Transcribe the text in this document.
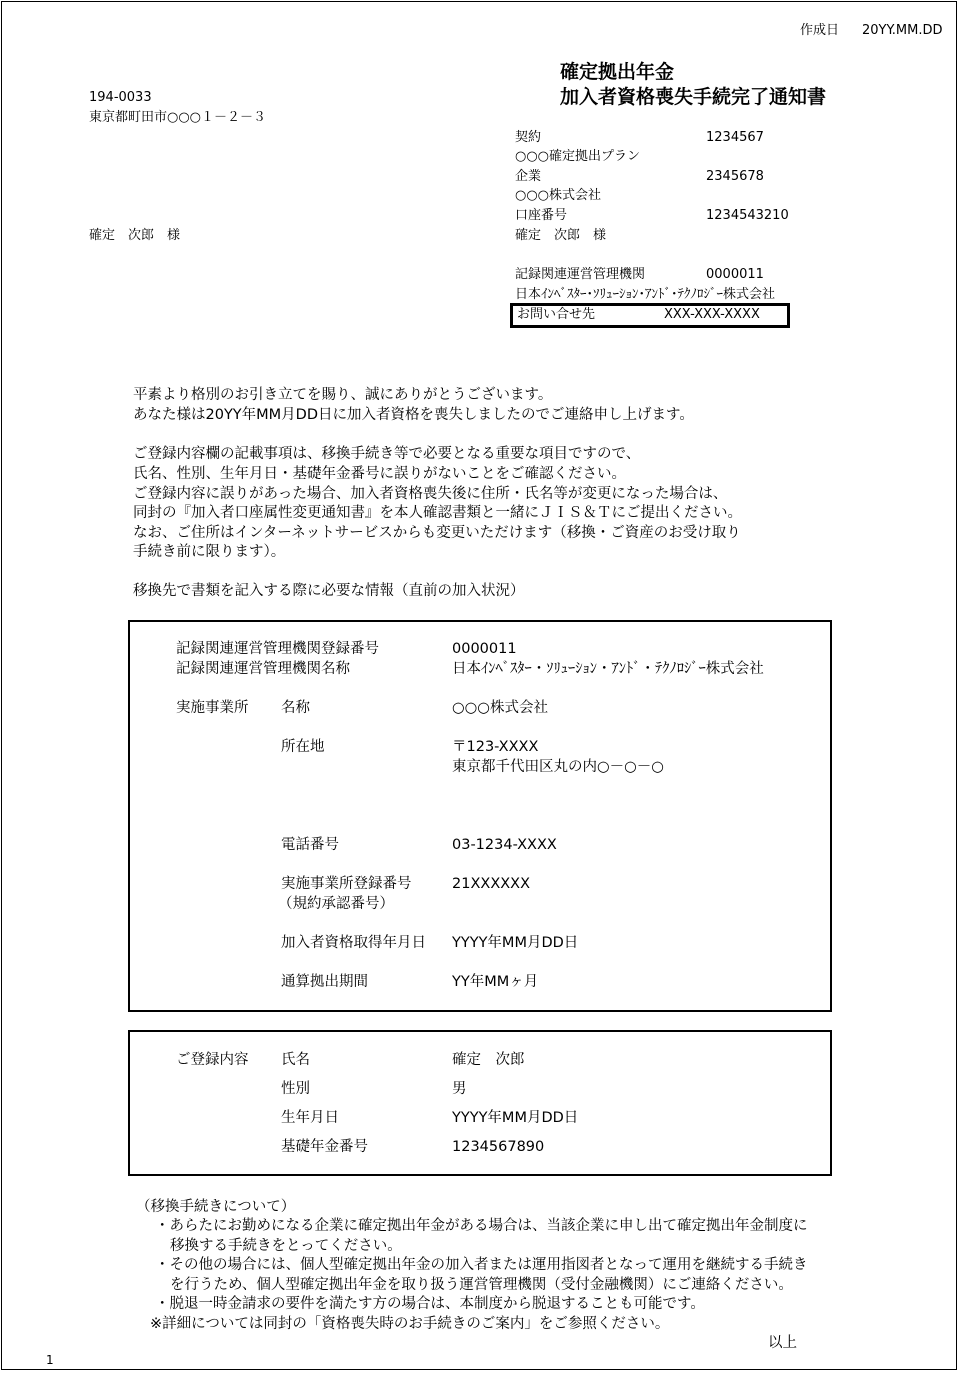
作成日 20YY.MM.DD
確定拠出年金
加入者資格喪失手続完了通知書
194-0033
東京都町田市○○○１－２－３
確定　次郎　様
契約	1234567
○○○確定拠出プラン
企業	2345678
○○○株式会社
口座番号	1234543210
確定　次郎　様
記録関連運営管理機関	0000011
日本ｲﾝﾍﾞｽﾀｰ･ｿﾘｭｰｼｮﾝ･ｱﾝﾄﾞ･ﾃｸﾉﾛｼﾞｰ株式会社
お問い合せ先	XXX-XXX-XXXX
平素より格別のお引き立てを賜り、誠にありがとうございます。
あなた様は20YY年MM月DD日に加入者資格を喪失しましたのでご連絡申し上げます。
ご登録内容欄の記載事項は、移換手続き等で必要となる重要な項目ですので、
氏名、性別、生年月日・基礎年金番号に誤りがないことをご確認ください。
ご登録内容に誤りがあった場合、加入者資格喪失後に住所・氏名等が変更になった場合は、
同封の『加入者口座属性変更通知書』を本人確認書類と一緒にＪＩＳ＆Ｔにご提出ください。
なお、ご住所はインターネットサービスからも変更いただけます（移換・ご資産のお受け取り
手続き前に限ります）。
移換先で書類を記入する際に必要な情報（直前の加入状況）
記録関連運営管理機関登録番号	0000011
記録関連運営管理機関名称	日本ｲﾝﾍﾞｽﾀｰ・ｿﾘｭｰｼｮﾝ・ｱﾝﾄﾞ・ﾃｸﾉﾛｼﾞｰ株式会社
実施事業所 名称	○○○株式会社
所在地	〒123-XXXX
東京都千代田区丸の内○－○－○
電話番号	03-1234-XXXX
実施事業所登録番号	21XXXXXX
（規約承認番号）
加入者資格取得年月日 YYYY年MM月DD日
通算拠出期間	YY年MMヶ月
ご登録内容 氏名	確定　次郎
性別	男
生年月日	YYYY年MM月DD日
基礎年金番号	1234567890
（移換手続きについて）
・あらたにお勤めになる企業に確定拠出年金がある場合は、当該企業に申し出て確定拠出年金制度に
移換する手続きをとってください。
・その他の場合には、個人型確定拠出年金の加入者または運用指図者となって運用を継続する手続き
を行うため、個人型確定拠出年金を取り扱う運営管理機関（受付金融機関）にご連絡ください。
・脱退一時金請求の要件を満たす方の場合は、本制度から脱退することも可能です。
※詳細については同封の「資格喪失時のお手続きのご案内」をご参照ください。
以上
1
